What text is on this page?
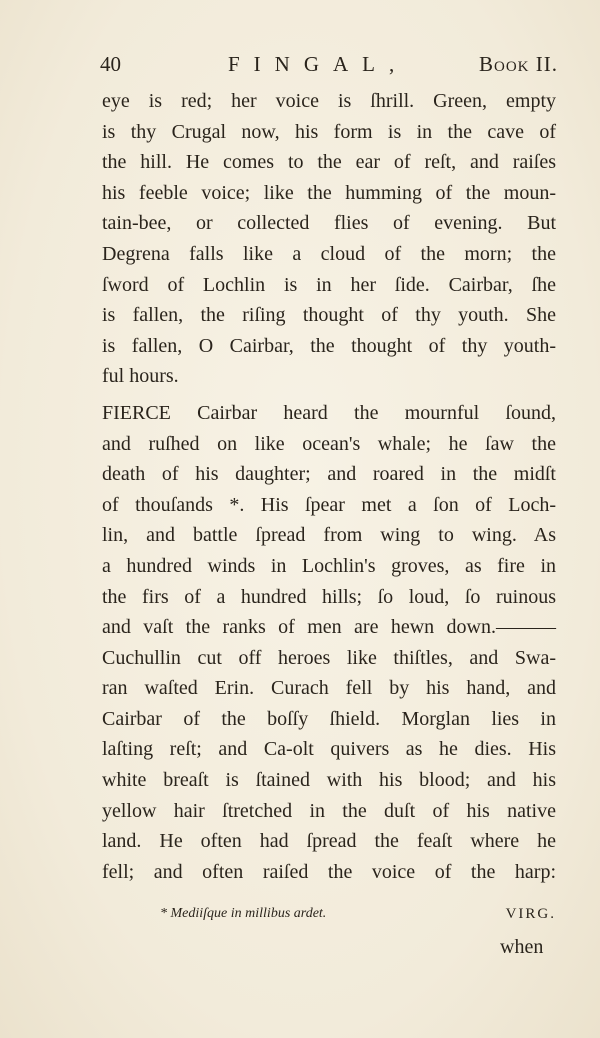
40	FINGAL,	Book II.
eye is red; her voice is ſhrill. Green, empty
is thy Crugal now, his form is in the cave of
the hill. He comes to the ear of reſt, and raiſes
his feeble voice; like the humming of the moun-
tain-bee, or collected flies of evening. But
Degrena falls like a cloud of the morn; the
ſword of Lochlin is in her ſide. Cairbar, ſhe
is fallen, the riſing thought of thy youth. She
is fallen, O Cairbar, the thought of thy youth-
ful hours.
FIERCE Cairbar heard the mournful ſound,
and ruſhed on like ocean's whale; he ſaw the
death of his daughter; and roared in the midſt
of thouſands *. His ſpear met a ſon of Loch-
lin, and battle ſpread from wing to wing. As
a hundred winds in Lochlin's groves, as fire in
the firs of a hundred hills; ſo loud, ſo ruinous
and vaſt the ranks of men are hewn down.———
Cuchullin cut off heroes like thiſtles, and Swa-
ran waſted Erin. Curach fell by his hand, and
Cairbar of the boſſy ſhield. Morglan lies in
laſting reſt; and Ca-olt quivers as he dies. His
white breaſt is ſtained with his blood; and his
yellow hair ſtretched in the duſt of his native
land. He often had ſpread the feaſt where he
fell; and often raiſed the voice of the harp:
* Mediiſque in millibus ardet.	VIRG.
when
